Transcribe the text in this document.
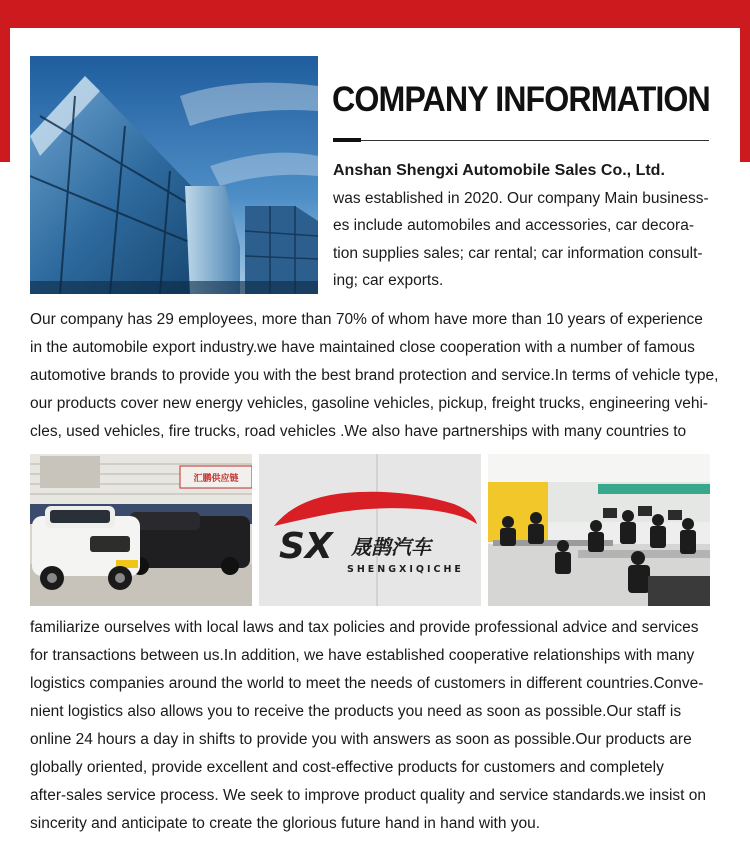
COMPANY INFORMATION
Anshan Shengxi Automobile Sales Co., Ltd.
was established in 2020. Our company Main business-
es include automobiles and accessories, car decora-
tion supplies sales; car rental; car information consult-
ing; car exports.
Our company has 29 employees, more than 70% of whom have more than 10 years of experience
in the automobile export industry.we have maintained close cooperation with a number of famous
automotive brands to provide you with the best brand protection and service.In terms of vehicle type,
our products cover new energy vehicles, gasoline vehicles, pickup, freight trucks, engineering vehi-
cles, used vehicles, fire trucks, road vehicles .We also have partnerships with many countries to
汇鹏供应链
SX 晟鹊汽车
SHENGXIQICHE
familiarize ourselves with local laws and tax policies and provide professional advice and services
for transactions between us.In addition, we have established cooperative relationships with many
logistics companies around the world to meet the needs of customers in different countries.Conve-
nient logistics also allows you to receive the products you need as soon as possible.Our staff is
online 24 hours a day in shifts to provide you with answers as soon as possible.Our products are
globally oriented, provide excellent and cost-effective products for customers and completely
after-sales service process. We seek to improve product quality and service standards.we insist on
sincerity and anticipate to create the glorious future hand in hand with you.
